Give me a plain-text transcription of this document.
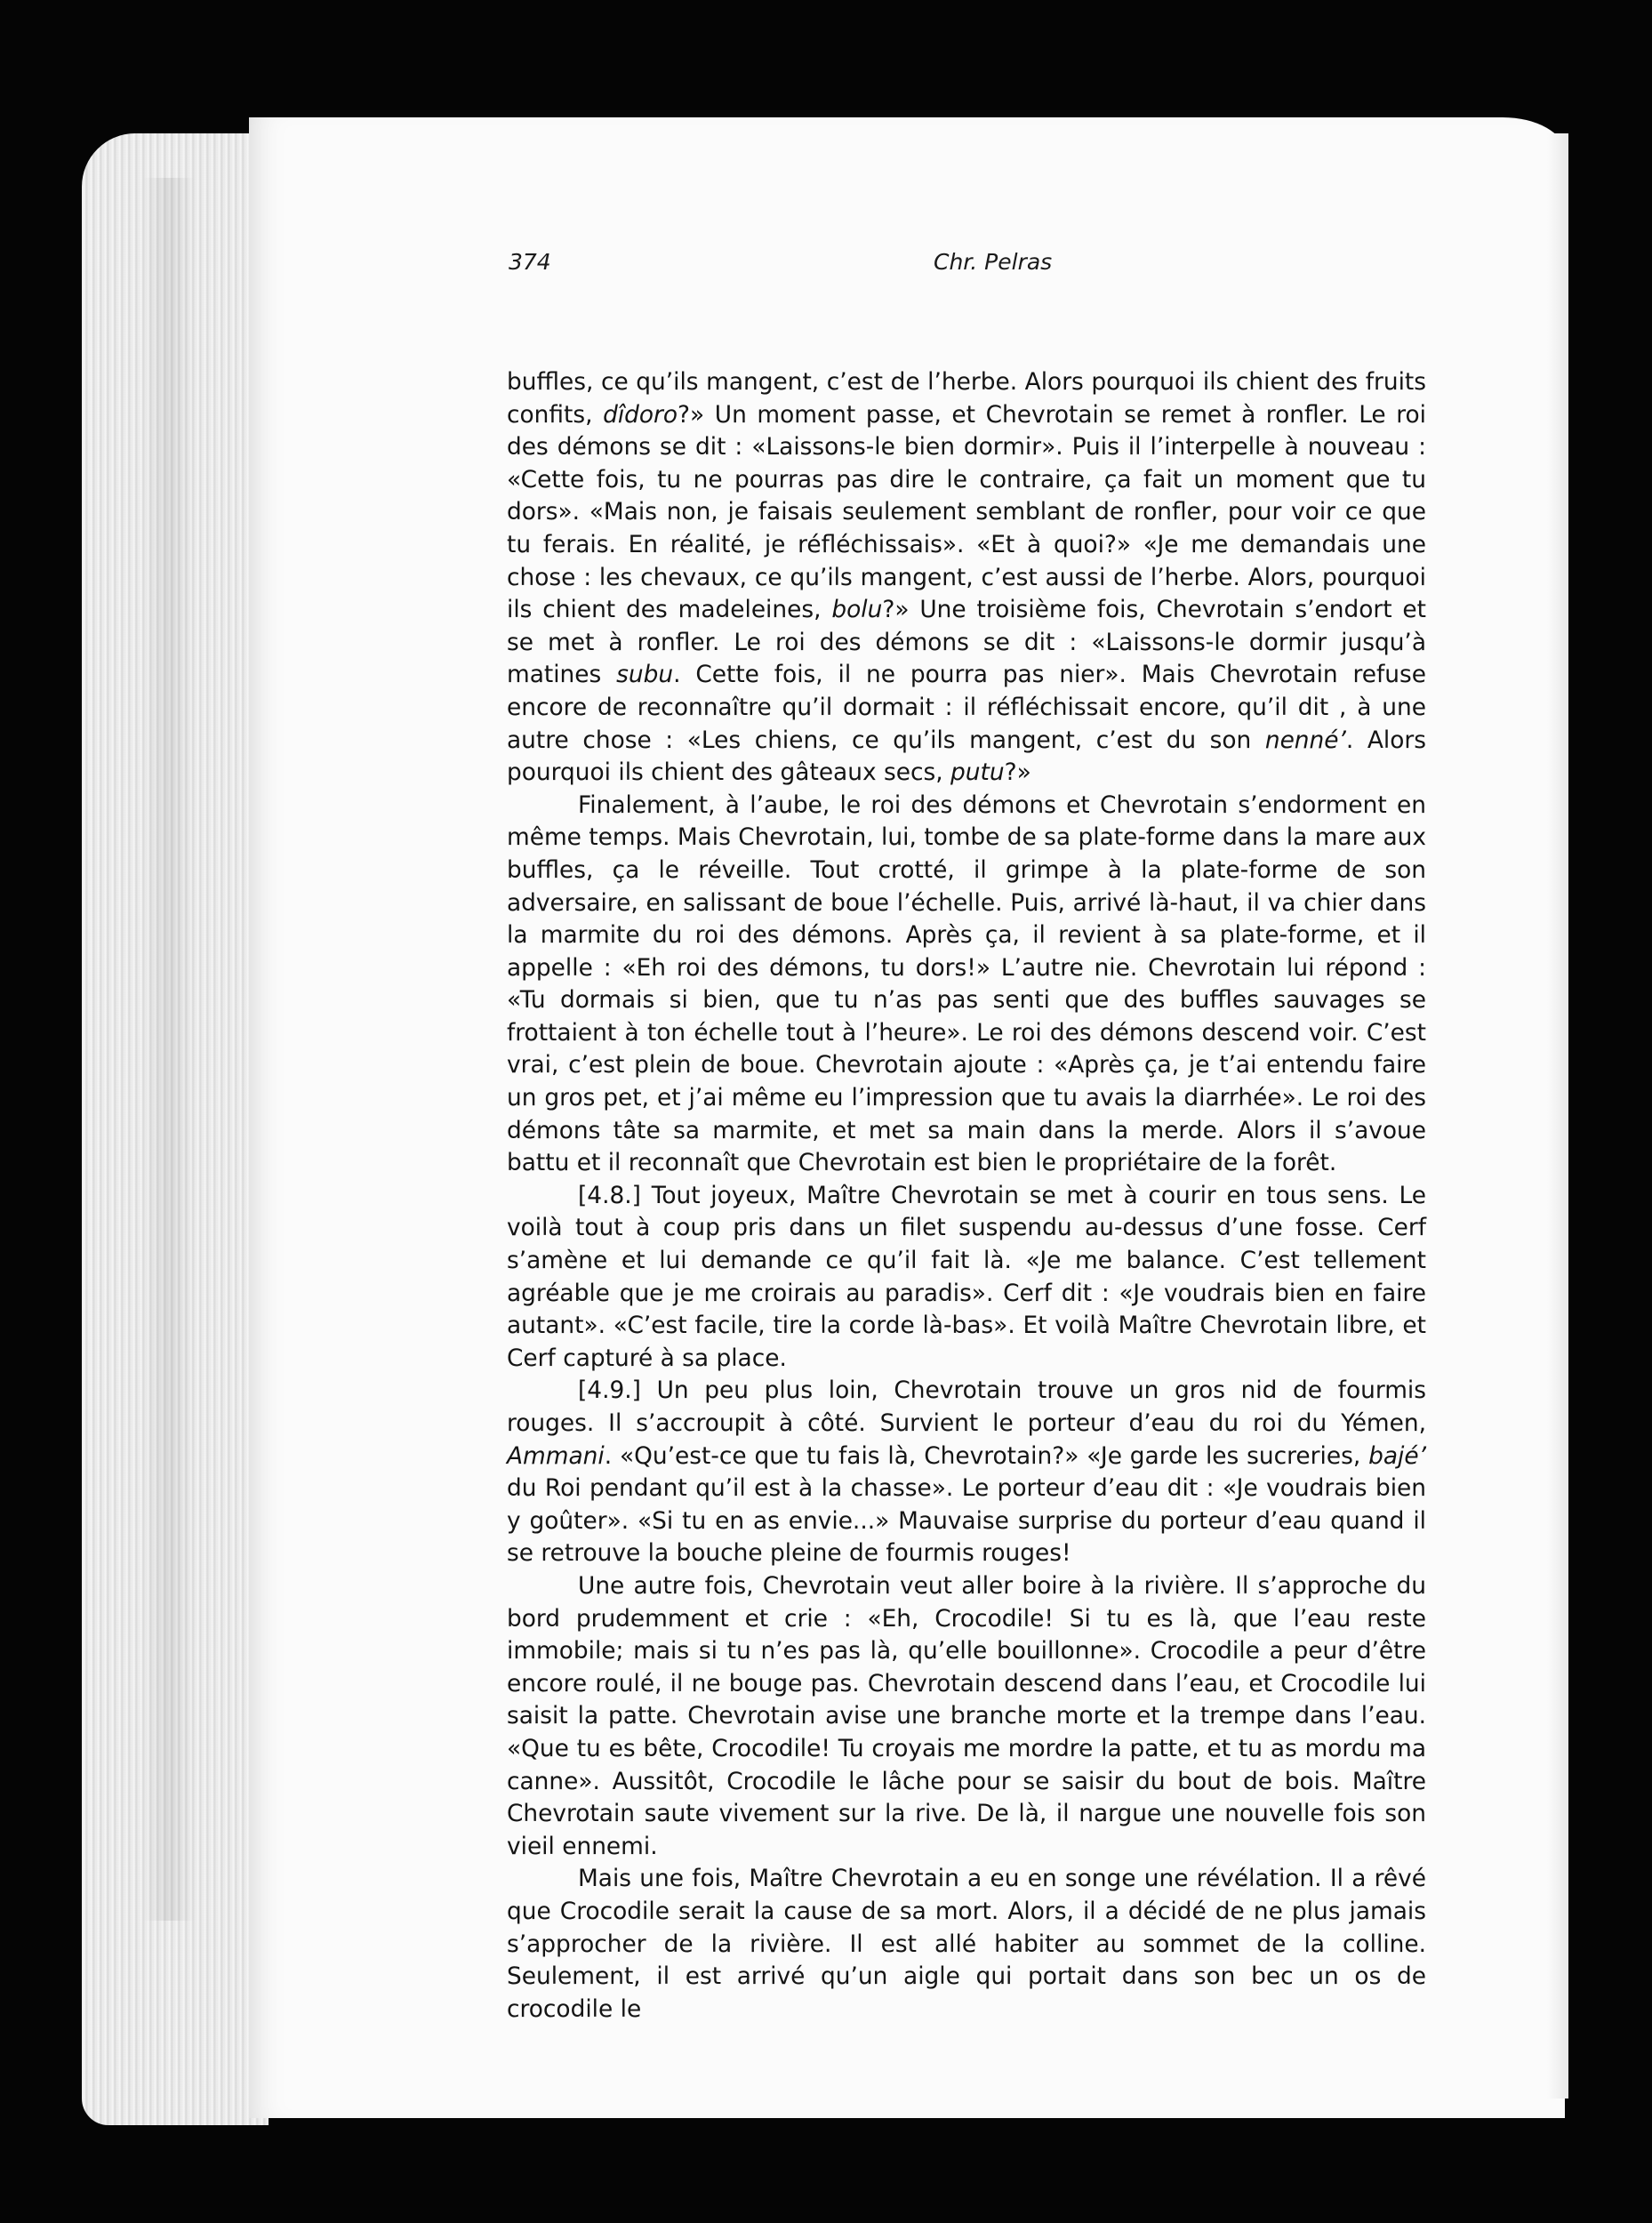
374	Chr. Pelras

buffles, ce qu’ils mangent, c’est de l’herbe. Alors pourquoi ils chient des fruits confits, dîdoro?» Un moment passe, et Chevrotain se remet à ronfler. Le roi des démons se dit : «Laissons-le bien dormir». Puis il l’interpelle à nouveau : «Cette fois, tu ne pourras pas dire le contraire, ça fait un moment que tu dors». «Mais non, je faisais seulement semblant de ronfler, pour voir ce que tu ferais. En réalité, je réfléchissais». «Et à quoi?» «Je me demandais une chose : les chevaux, ce qu’ils mangent, c’est aussi de l’herbe. Alors, pourquoi ils chient des madeleines, bolu?» Une troisième fois, Chevrotain s’endort et se met à ronfler. Le roi des démons se dit : «Laissons-le dormir jusqu’à matines subu. Cette fois, il ne pourra pas nier». Mais Chevrotain refuse encore de reconnaître qu’il dormait : il réfléchissait encore, qu’il dit , à une autre chose : «Les chiens, ce qu’ils mangent, c’est du son nenné’. Alors pourquoi ils chient des gâteaux secs, putu?»

Finalement, à l’aube, le roi des démons et Chevrotain s’endorment en même temps. Mais Chevrotain, lui, tombe de sa plate-forme dans la mare aux buffles, ça le réveille. Tout crotté, il grimpe à la plate-forme de son adversaire, en salissant de boue l’échelle. Puis, arrivé là-haut, il va chier dans la marmite du roi des démons. Après ça, il revient à sa plate-forme, et il appelle : «Eh roi des démons, tu dors!» L’autre nie. Chevrotain lui répond : «Tu dormais si bien, que tu n’as pas senti que des buffles sauvages se frottaient à ton échelle tout à l’heure». Le roi des démons descend voir. C’est vrai, c’est plein de boue. Chevrotain ajoute : «Après ça, je t’ai entendu faire un gros pet, et j’ai même eu l’impression que tu avais la diarrhée». Le roi des démons tâte sa marmite, et met sa main dans la merde. Alors il s’avoue battu et il reconnaît que Chevrotain est bien le propriétaire de la forêt.

[4.8.] Tout joyeux, Maître Chevrotain se met à courir en tous sens. Le voilà tout à coup pris dans un filet suspendu au-dessus d’une fosse. Cerf s’amène et lui demande ce qu’il fait là. «Je me balance. C’est tellement agréable que je me croirais au paradis». Cerf dit : «Je voudrais bien en faire autant». «C’est facile, tire la corde là-bas». Et voilà Maître Chevrotain libre, et Cerf capturé à sa place.

[4.9.] Un peu plus loin, Chevrotain trouve un gros nid de fourmis rouges. Il s’accroupit à côté. Survient le porteur d’eau du roi du Yémen, Ammani. «Qu’est-ce que tu fais là, Chevrotain?» «Je garde les sucreries, bajé’ du Roi pendant qu’il est à la chasse». Le porteur d’eau dit : «Je voudrais bien y goûter». «Si tu en as envie...» Mauvaise surprise du porteur d’eau quand il se retrouve la bouche pleine de fourmis rouges!

Une autre fois, Chevrotain veut aller boire à la rivière. Il s’approche du bord prudemment et crie : «Eh, Crocodile! Si tu es là, que l’eau reste immobile; mais si tu n’es pas là, qu’elle bouillonne». Crocodile a peur d’être encore roulé, il ne bouge pas. Chevrotain descend dans l’eau, et Crocodile lui saisit la patte. Chevrotain avise une branche morte et la trempe dans l’eau. «Que tu es bête, Crocodile! Tu croyais me mordre la patte, et tu as mordu ma canne». Aussitôt, Crocodile le lâche pour se saisir du bout de bois. Maître Chevrotain saute vivement sur la rive. De là, il nargue une nouvelle fois son vieil ennemi.

Mais une fois, Maître Chevrotain a eu en songe une révélation. Il a rêvé que Crocodile serait la cause de sa mort. Alors, il a décidé de ne plus jamais s’approcher de la rivière. Il est allé habiter au sommet de la colline. Seulement, il est arrivé qu’un aigle qui portait dans son bec un os de crocodile le
